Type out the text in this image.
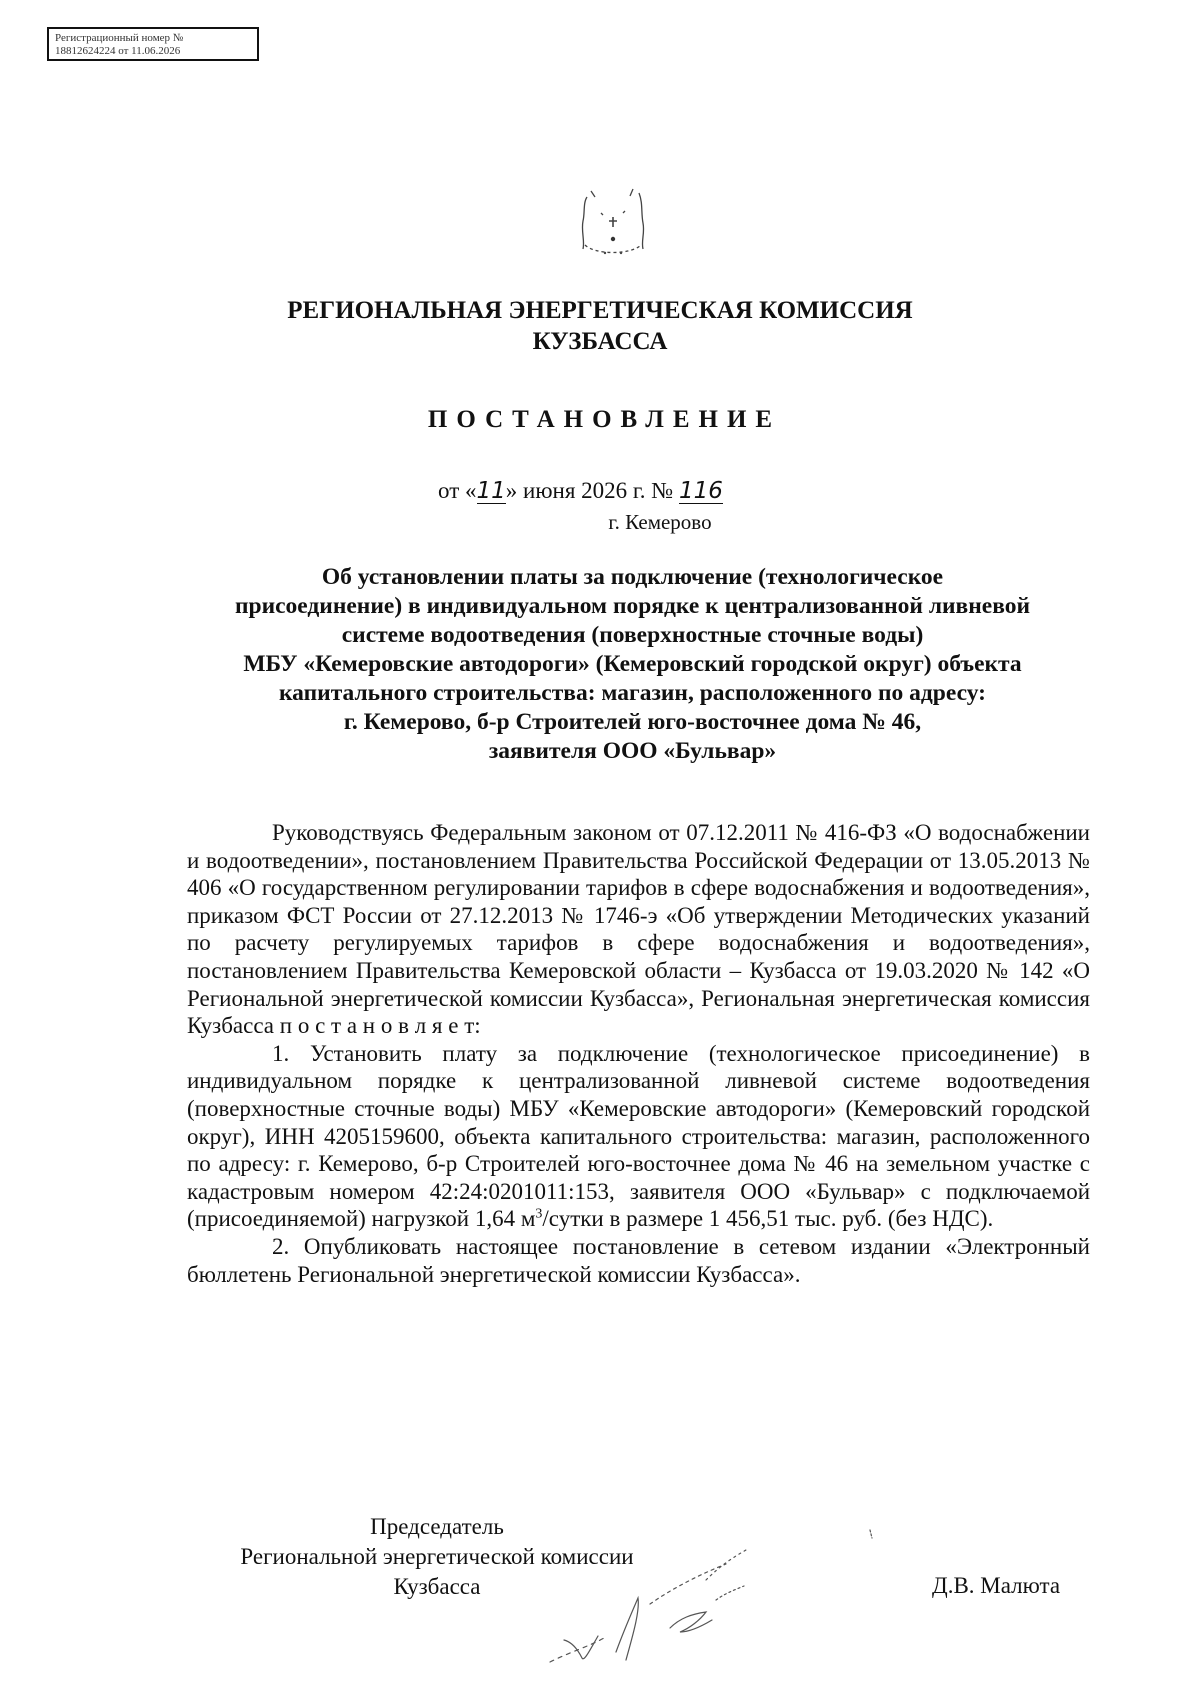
Регистрационный номер №
18812624224 от 11.06.2026
РЕГИОНАЛЬНАЯ ЭНЕРГЕТИЧЕСКАЯ КОМИССИЯ
КУЗБАССА
ПОСТАНОВЛЕНИЕ
от «11» июня 2026 г. № 116
г. Кемерово
Об установлении платы за подключение (технологическое
присоединение) в индивидуальном порядке к централизованной ливневой
системе водоотведения (поверхностные сточные воды)
МБУ «Кемеровские автодороги» (Кемеровский городской округ) объекта
капитального строительства: магазин, расположенного по адресу:
г. Кемерово, б-р Строителей юго-восточнее дома № 46,
заявителя ООО «Бульвар»

Руководствуясь Федеральным законом от 07.12.2011 № 416-ФЗ «О водоснабжении и водоотведении», постановлением Правительства Российской Федерации от 13.05.2013 № 406 «О государственном регулировании тарифов в сфере водоснабжения и водоотведения», приказом ФСТ России от 27.12.2013 № 1746-э «Об утверждении Методических указаний по расчету регулируемых тарифов в сфере водоснабжения и водоотведения», постановлением Правительства Кемеровской области – Кузбасса от 19.03.2020 № 142 «О Региональной энергетической комиссии Кузбасса», Региональная энергетическая комиссия Кузбасса п о с т а н о в л я е т:

1. Установить плату за подключение (технологическое присоединение) в индивидуальном порядке к централизованной ливневой системе водоотведения (поверхностные сточные воды) МБУ «Кемеровские автодороги» (Кемеровский городской округ), ИНН 4205159600, объекта капитального строительства: магазин, расположенного по адресу: г. Кемерово, б-р Строителей юго-восточнее дома № 46 на земельном участке с кадастровым номером 42:24:0201011:153, заявителя ООО «Бульвар» с подключаемой (присоединяемой) нагрузкой 1,64 $м^3$/сутки в размере 1 456,51 тыс. руб. (без НДС).

2. Опубликовать настоящее постановление в сетевом издании «Электронный бюллетень Региональной энергетической комиссии Кузбасса».

Председатель
Региональной энергетической комиссии
Кузбасса	Д.В. Малюта
